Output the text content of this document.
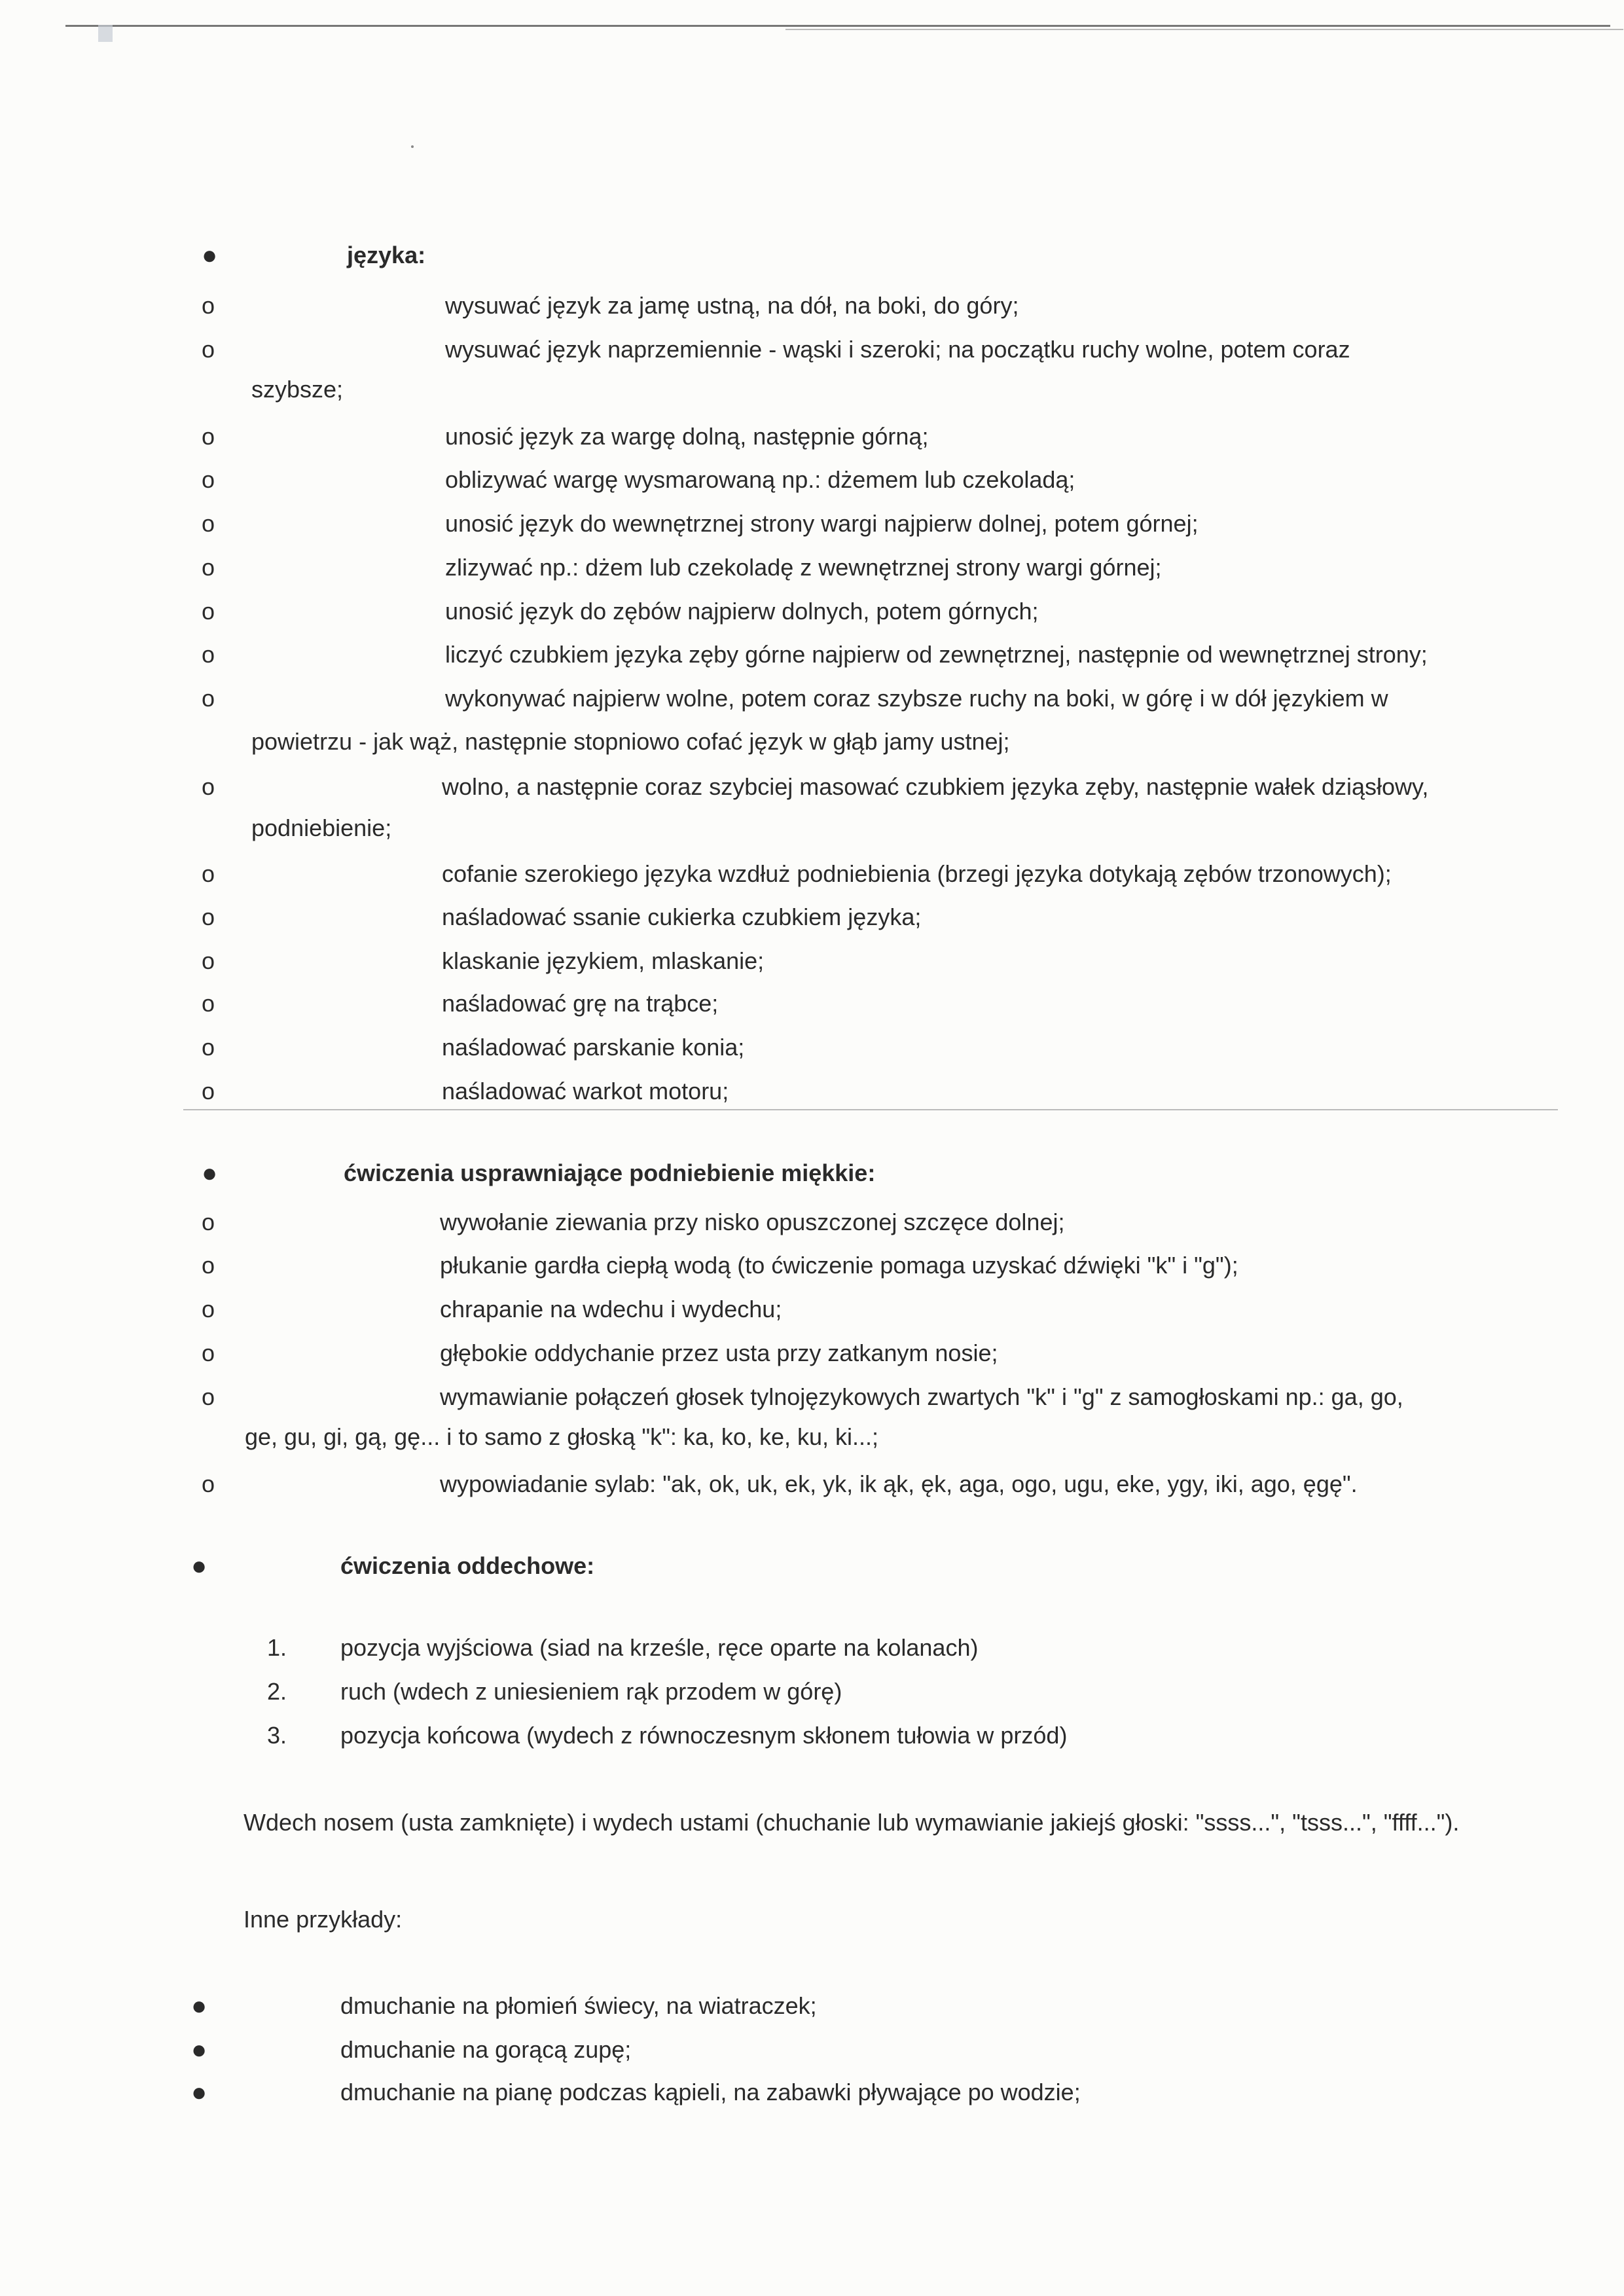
●	języka:
o	wysuwać język za jamę ustną, na dół, na boki, do góry;
o	wysuwać język naprzemiennie - wąski i szeroki; na początku ruchy wolne, potem coraz
szybsze;
o	unosić język za wargę dolną, następnie górną;
o	oblizywać wargę wysmarowaną np.: dżemem lub czekoladą;
o	unosić język do wewnętrznej strony wargi najpierw dolnej, potem górnej;
o	zlizywać np.: dżem lub czekoladę z wewnętrznej strony wargi górnej;
o	unosić język do zębów najpierw dolnych, potem górnych;
o	liczyć czubkiem języka zęby górne najpierw od zewnętrznej, następnie od wewnętrznej strony;
o	wykonywać najpierw wolne, potem coraz szybsze ruchy na boki, w górę i w dół językiem w
powietrzu - jak wąż, następnie stopniowo cofać język w głąb jamy ustnej;
o	wolno, a następnie coraz szybciej masować czubkiem języka zęby, następnie wałek dziąsłowy,
podniebienie;
o	cofanie szerokiego języka wzdłuż podniebienia (brzegi języka dotykają zębów trzonowych);
o	naśladować ssanie cukierka czubkiem języka;
o	klaskanie językiem, mlaskanie;
o	naśladować grę na trąbce;
o	naśladować parskanie konia;
o	naśladować warkot motoru;
●	ćwiczenia usprawniające podniebienie miękkie:
o	wywołanie ziewania przy nisko opuszczonej szczęce dolnej;
o	płukanie gardła ciepłą wodą (to ćwiczenie pomaga uzyskać dźwięki "k" i "g");
o	chrapanie na wdechu i wydechu;
o	głębokie oddychanie przez usta przy zatkanym nosie;
o	wymawianie połączeń głosek tylnojęzykowych zwartych "k" i "g" z samogłoskami np.: ga, go,
ge, gu, gi, gą, gę... i to samo z głoską "k": ka, ko, ke, ku, ki...;
o	wypowiadanie sylab: "ak, ok, uk, ek, yk, ik ąk, ęk, aga, ogo, ugu, eke, ygy, iki, ago, ęgę".
●	ćwiczenia oddechowe:
1. pozycja wyjściowa (siad na krześle, ręce oparte na kolanach)
2. ruch (wdech z uniesieniem rąk przodem w górę)
3. pozycja końcowa (wydech z równoczesnym skłonem tułowia w przód)
Wdech nosem (usta zamknięte) i wydech ustami (chuchanie lub wymawianie jakiejś głoski: "ssss...", "tsss...", "ffff...").
Inne przykłady:
●	dmuchanie na płomień świecy, na wiatraczek;
●	dmuchanie na gorącą zupę;
●	dmuchanie na pianę podczas kąpieli, na zabawki pływające po wodzie;
